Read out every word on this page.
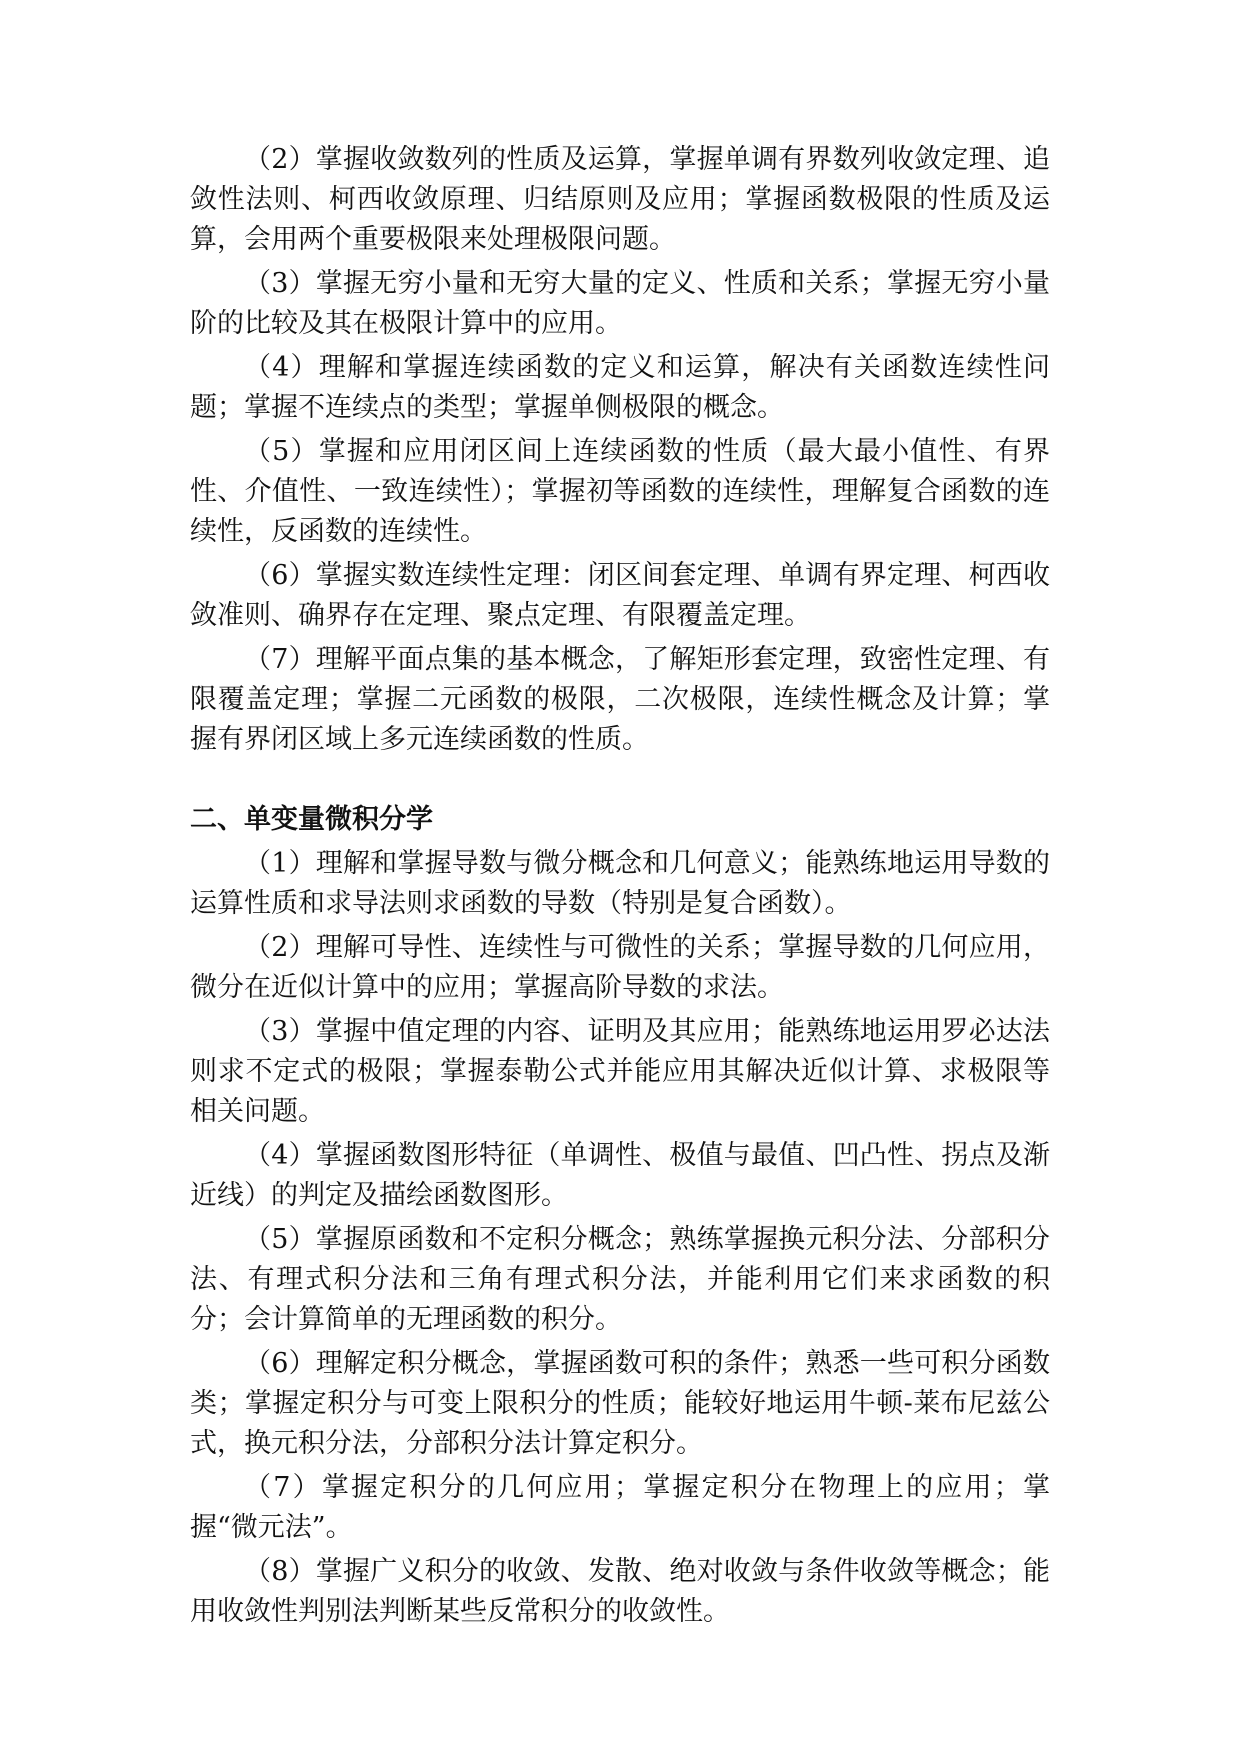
（2）掌握收敛数列的性质及运算，掌握单调有界数列收敛定理、追敛性法则、柯西收敛原理、归结原则及应用；掌握函数极限的性质及运算，会用两个重要极限来处理极限问题。

（3）掌握无穷小量和无穷大量的定义、性质和关系；掌握无穷小量阶的比较及其在极限计算中的应用。

（4）理解和掌握连续函数的定义和运算，解决有关函数连续性问题；掌握不连续点的类型；掌握单侧极限的概念。

（5）掌握和应用闭区间上连续函数的性质（最大最小值性、有界性、介值性、一致连续性）；掌握初等函数的连续性，理解复合函数的连续性，反函数的连续性。

（6）掌握实数连续性定理：闭区间套定理、单调有界定理、柯西收敛准则、确界存在定理、聚点定理、有限覆盖定理。

（7）理解平面点集的基本概念，了解矩形套定理，致密性定理、有限覆盖定理；掌握二元函数的极限，二次极限，连续性概念及计算；掌握有界闭区域上多元连续函数的性质。

二、单变量微积分学

（1）理解和掌握导数与微分概念和几何意义；能熟练地运用导数的运算性质和求导法则求函数的导数（特别是复合函数）。

（2）理解可导性、连续性与可微性的关系；掌握导数的几何应用，微分在近似计算中的应用；掌握高阶导数的求法。

（3）掌握中值定理的内容、证明及其应用；能熟练地运用罗必达法则求不定式的极限；掌握泰勒公式并能应用其解决近似计算、求极限等相关问题。

（4）掌握函数图形特征（单调性、极值与最值、凹凸性、拐点及渐近线）的判定及描绘函数图形。

（5）掌握原函数和不定积分概念；熟练掌握换元积分法、分部积分法、有理式积分法和三角有理式积分法，并能利用它们来求函数的积分；会计算简单的无理函数的积分。

（6）理解定积分概念，掌握函数可积的条件；熟悉一些可积分函数类；掌握定积分与可变上限积分的性质；能较好地运用牛顿-莱布尼兹公式，换元积分法，分部积分法计算定积分。

（7）掌握定积分的几何应用；掌握定积分在物理上的应用；掌握“微元法”。

（8）掌握广义积分的收敛、发散、绝对收敛与条件收敛等概念；能用收敛性判别法判断某些反常积分的收敛性。
